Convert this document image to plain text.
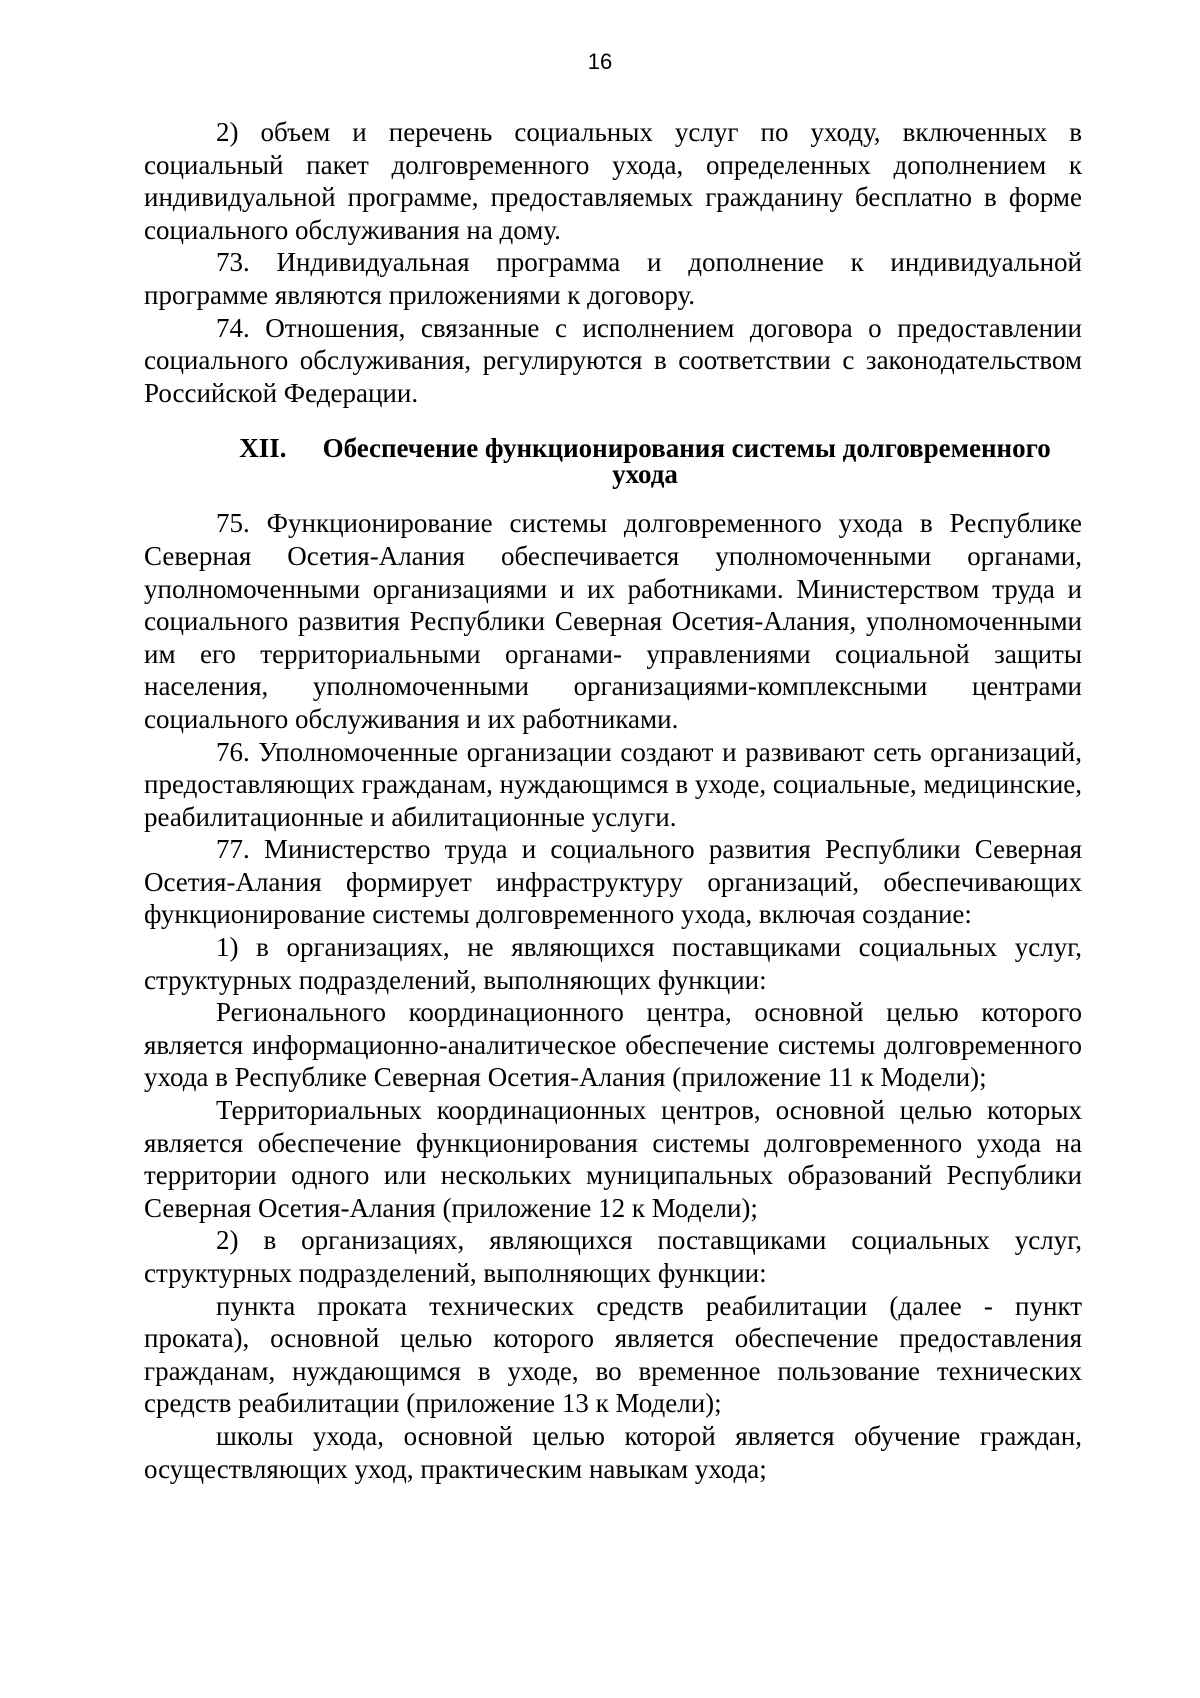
16

2) объем и перечень социальных услуг по уходу, включенных в социальный пакет долговременного ухода, определенных дополнением к индивидуальной программе, предоставляемых гражданину бесплатно в форме социального обслуживания на дому.

73. Индивидуальная программа и дополнение к индивидуальной программе являются приложениями к договору.

74. Отношения, связанные с исполнением договора о предоставлении социального обслуживания, регулируются в соответствии с законодательством Российской Федерации.

XII. Обеспечение функционирования системы долговременного
ухода

75. Функционирование системы долговременного ухода в Республике Северная Осетия-Алания обеспечивается уполномоченными органами, уполномоченными организациями и их работниками. Министерством труда и социального развития Республики Северная Осетия-Алания, уполномоченными им его территориальными органами- управлениями социальной защиты населения, уполномоченными организациями-комплексными центрами социального обслуживания и их работниками.

76. Уполномоченные организации создают и развивают сеть организаций, предоставляющих гражданам, нуждающимся в уходе, социальные, медицинские, реабилитационные и абилитационные услуги.

77. Министерство труда и социального развития Республики Северная Осетия-Алания формирует инфраструктуру организаций, обеспечивающих функционирование системы долговременного ухода, включая создание:

1) в организациях, не являющихся поставщиками социальных услуг, структурных подразделений, выполняющих функции:

Регионального координационного центра, основной целью которого является информационно-аналитическое обеспечение системы долговременного ухода в Республике Северная Осетия-Алания (приложение 11 к Модели);

Территориальных координационных центров, основной целью которых является обеспечение функционирования системы долговременного ухода на территории одного или нескольких муниципальных образований Республики Северная Осетия-Алания (приложение 12 к Модели);

2) в организациях, являющихся поставщиками социальных услуг, структурных подразделений, выполняющих функции:

пункта проката технических средств реабилитации (далее - пункт проката), основной целью которого является обеспечение предоставления гражданам, нуждающимся в уходе, во временное пользование технических средств реабилитации (приложение 13 к Модели);

школы ухода, основной целью которой является обучение граждан, осуществляющих уход, практическим навыкам ухода;
